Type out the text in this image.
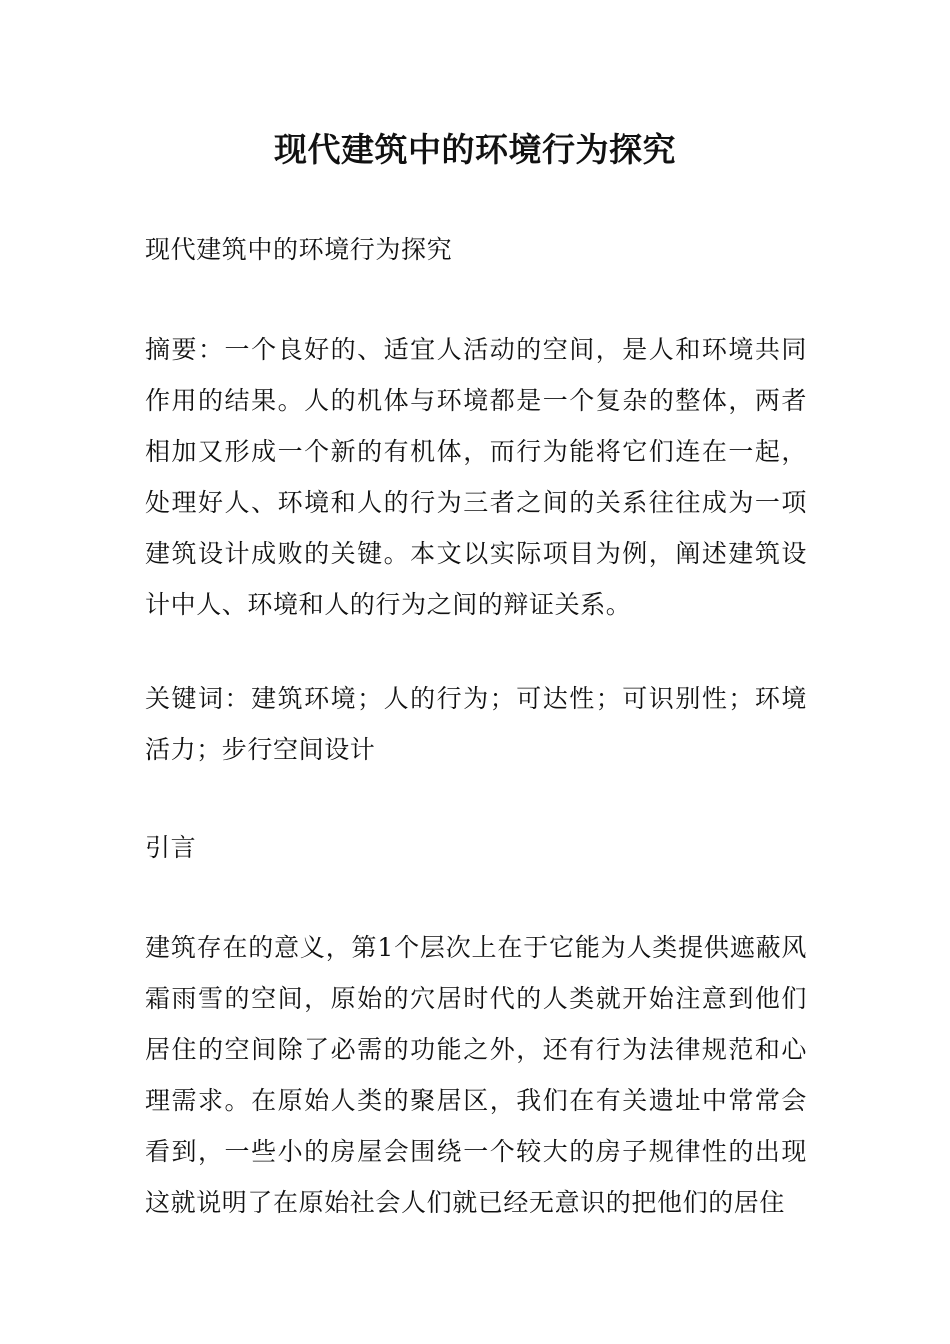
现代建筑中的环境行为探究

现代建筑中的环境行为探究

摘要：一个良好的、适宜人活动的空间，是人和环境共同作用的结果。人的机体与环境都是一个复杂的整体，两者相加又形成一个新的有机体，而行为能将它们连在一起，处理好人、环境和人的行为三者之间的关系往往成为一项建筑设计成败的关键。本文以实际项目为例，阐述建筑设计中人、环境和人的行为之间的辩证关系。

关键词：建筑环境；人的行为；可达性；可识别性；环境活力；步行空间设计

引言

建筑存在的意义，第1个层次上在于它能为人类提供遮蔽风霜雨雪的空间，原始的穴居时代的人类就开始注意到他们居住的空间除了必需的功能之外，还有行为法律规范和心理需求。在原始人类的聚居区，我们在有关遗址中常常会看到，一些小的房屋会围绕一个较大的房子规律性的出现这就说明了在原始社会人们就已经无意识的把他们的居住
